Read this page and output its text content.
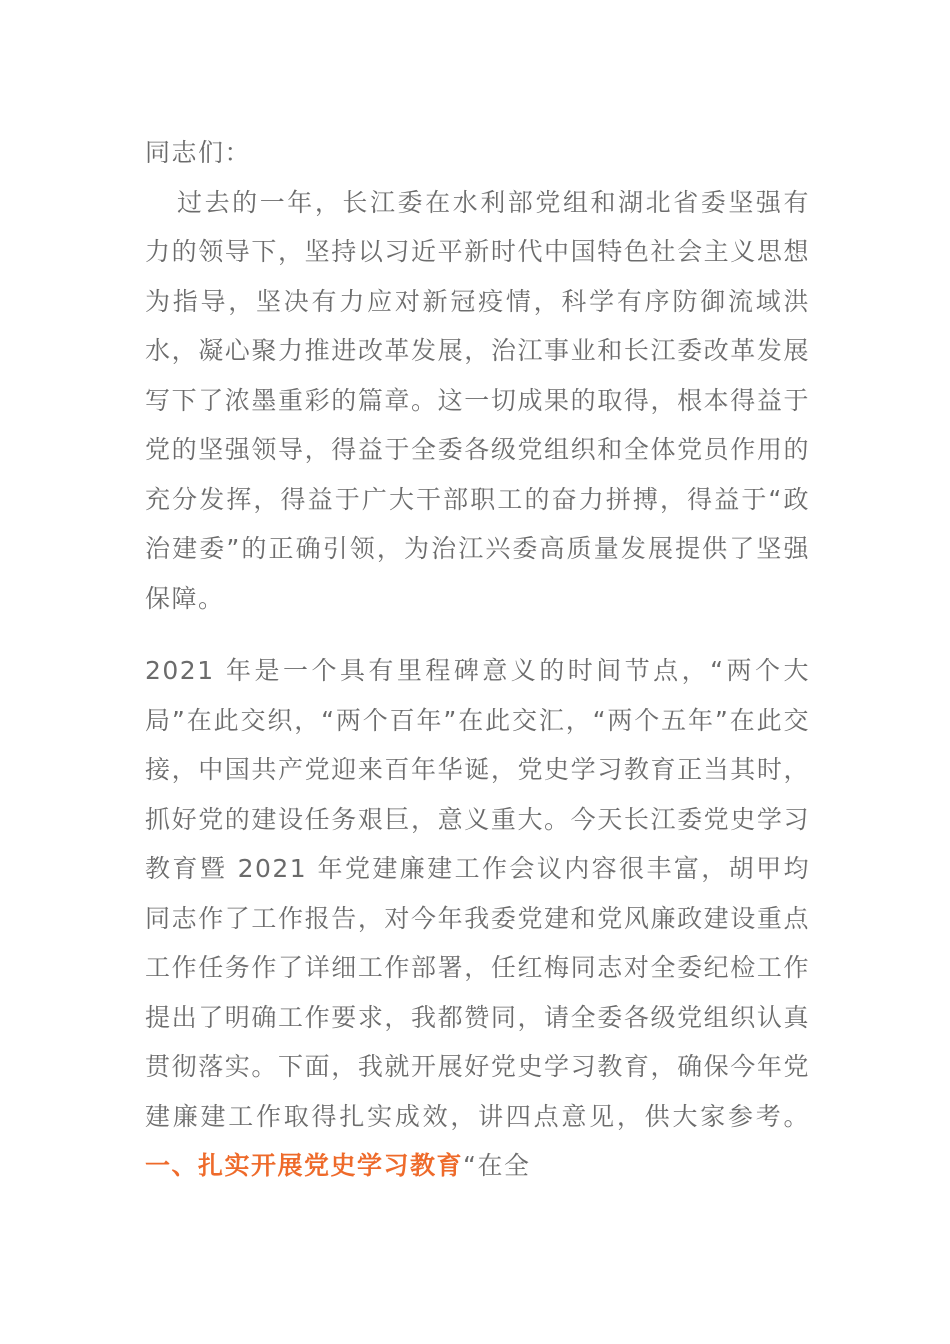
同志们：

过去的一年，长江委在水利部党组和湖北省委坚强有力的领导下，坚持以习近平新时代中国特色社会主义思想为指导，坚决有力应对新冠疫情，科学有序防御流域洪水，凝心聚力推进改革发展，治江事业和长江委改革发展写下了浓墨重彩的篇章。这一切成果的取得，根本得益于党的坚强领导，得益于全委各级党组织和全体党员作用的充分发挥，得益于广大干部职工的奋力拼搏，得益于“政治建委”的正确引领，为治江兴委高质量发展提供了坚强保障。

2021 年是一个具有里程碑意义的时间节点，“两个大局”在此交织，“两个百年”在此交汇，“两个五年”在此交接，中国共产党迎来百年华诞，党史学习教育正当其时，抓好党的建设任务艰巨，意义重大。今天长江委党史学习教育暨 2021 年党建廉建工作会议内容很丰富，胡甲均同志作了工作报告，对今年我委党建和党风廉政建设重点工作任务作了详细工作部署，任红梅同志对全委纪检工作提出了明确工作要求，我都赞同，请全委各级党组织认真贯彻落实。下面，我就开展好党史学习教育，确保今年党建廉建工作取得扎实成效，讲四点意见，供大家参考。一、扎实开展党史学习教育“在全
